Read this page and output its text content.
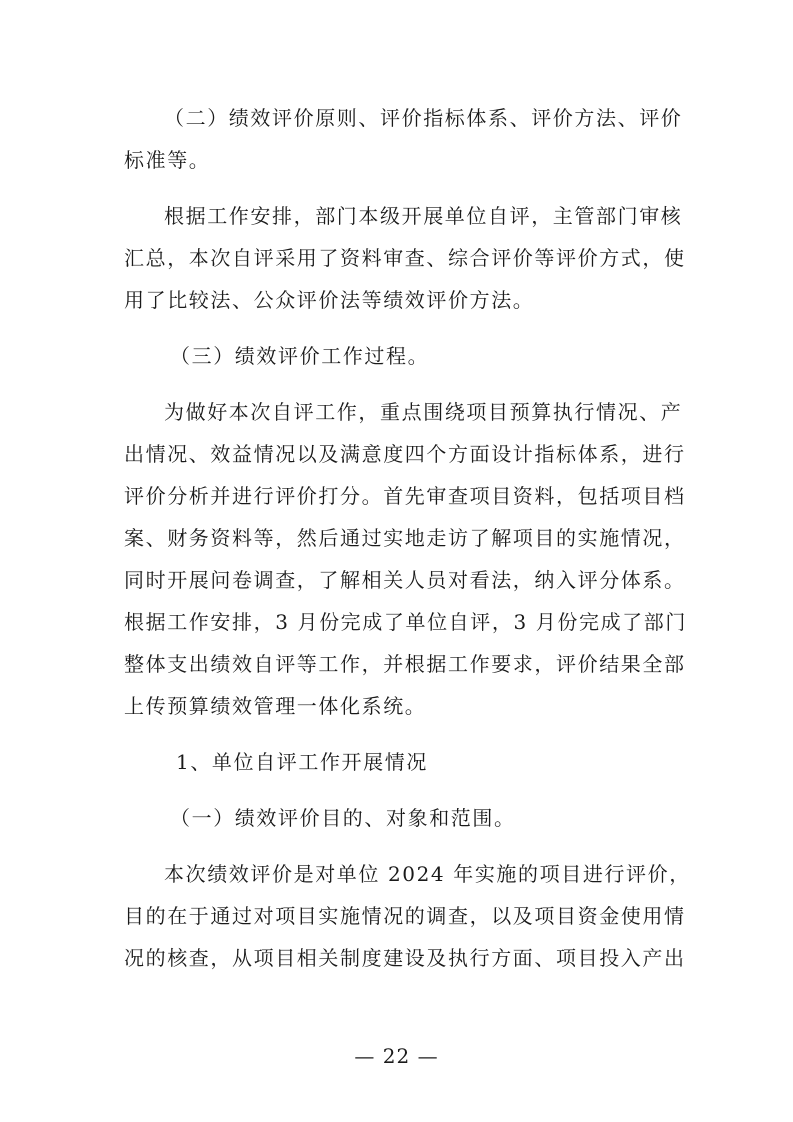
（二）绩效评价原则、评价指标体系、评价方法、评价
标准等。
根据工作安排，部门本级开展单位自评，主管部门审核
汇总，本次自评采用了资料审查、综合评价等评价方式，使
用了比较法、公众评价法等绩效评价方法。
（三）绩效评价工作过程。
为做好本次自评工作，重点围绕项目预算执行情况、产
出情况、效益情况以及满意度四个方面设计指标体系，进行
评价分析并进行评价打分。首先审查项目资料，包括项目档
案、财务资料等，然后通过实地走访了解项目的实施情况，
同时开展问卷调查，了解相关人员对看法，纳入评分体系。
根据工作安排，3 月份完成了单位自评，3 月份完成了部门
整体支出绩效自评等工作，并根据工作要求，评价结果全部
上传预算绩效管理一体化系统。
1、单位自评工作开展情况
（一）绩效评价目的、对象和范围。
本次绩效评价是对单位 2024 年实施的项目进行评价，
目的在于通过对项目实施情况的调查，以及项目资金使用情
况的核查，从项目相关制度建设及执行方面、项目投入产出
— 22 —
